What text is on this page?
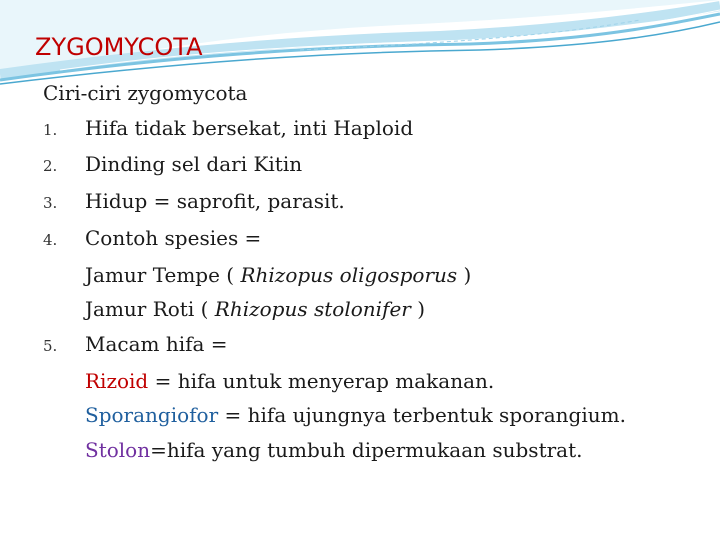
ZYGOMYCOTA

Ciri-ciri zygomycota

1.	Hifa tidak bersekat, inti Haploid
2.	Dinding sel dari Kitin
3.	Hidup = saprofit, parasit.
4.	Contoh spesies =
Jamur Tempe ( Rhizopus oligosporus )
Jamur Roti ( Rhizopus stolonifer )
5.	Macam hifa =
Rizoid = hifa untuk menyerap makanan.
Sporangiofor = hifa ujungnya terbentuk sporangium.
Stolon=hifa yang tumbuh dipermukaan substrat.
